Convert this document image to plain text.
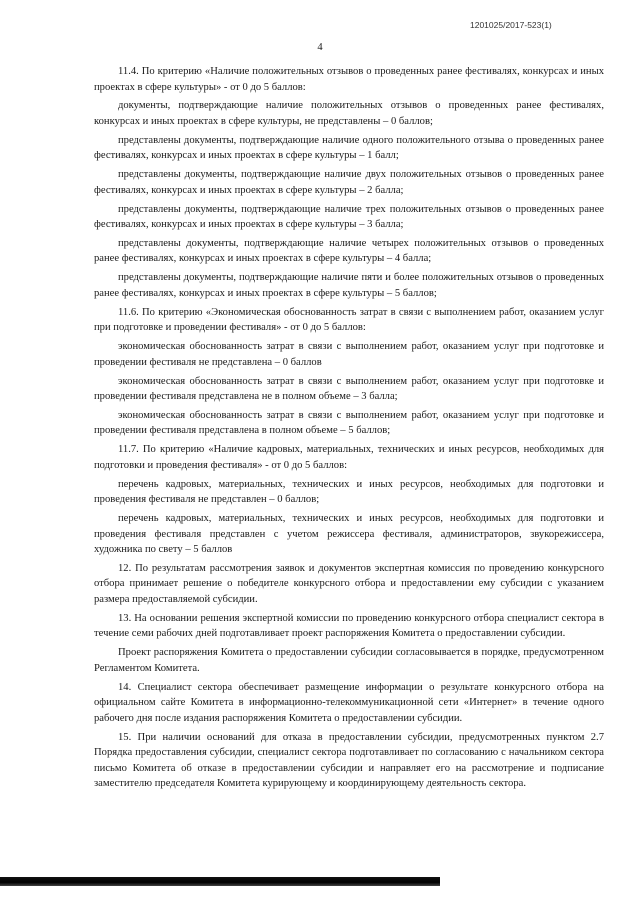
1201025/2017-523(1)
4

11.4. По критерию «Наличие положительных отзывов о проведенных ранее фестивалях, конкурсах и иных проектах в сфере культуры» - от 0 до 5 баллов:

документы, подтверждающие наличие положительных отзывов о проведенных ранее фестивалях, конкурсах и иных проектах в сфере культуры, не представлены – 0 баллов;

представлены документы, подтверждающие наличие одного положительного отзыва о проведенных ранее фестивалях, конкурсах и иных проектах в сфере культуры – 1 балл;

представлены документы, подтверждающие наличие двух положительных отзывов о проведенных ранее фестивалях, конкурсах и иных проектах в сфере культуры – 2 балла;

представлены документы, подтверждающие наличие трех положительных отзывов о проведенных ранее фестивалях, конкурсах и иных проектах в сфере культуры – 3 балла;

представлены документы, подтверждающие наличие четырех положительных отзывов о проведенных ранее фестивалях, конкурсах и иных проектах в сфере культуры – 4 балла;

представлены документы, подтверждающие наличие пяти и более положительных отзывов о проведенных ранее фестивалях, конкурсах и иных проектах в сфере культуры – 5 баллов;

11.6. По критерию «Экономическая обоснованность затрат в связи с выполнением работ, оказанием услуг при подготовке и проведении фестиваля» - от 0 до 5 баллов:

экономическая обоснованность затрат в связи с выполнением работ, оказанием услуг при подготовке и проведении фестиваля не представлена – 0 баллов

экономическая обоснованность затрат в связи с выполнением работ, оказанием услуг при подготовке и проведении фестиваля представлена не в полном объеме – 3 балла;

экономическая обоснованность затрат в связи с выполнением работ, оказанием услуг при подготовке и проведении фестиваля представлена в полном объеме – 5 баллов;

11.7. По критерию «Наличие кадровых, материальных, технических и иных ресурсов, необходимых для подготовки и проведения фестиваля» - от 0 до 5 баллов:

перечень кадровых, материальных, технических и иных ресурсов, необходимых для подготовки и проведения фестиваля не представлен – 0 баллов;

перечень кадровых, материальных, технических и иных ресурсов, необходимых для подготовки и проведения фестиваля представлен с учетом режиссера фестиваля, администраторов, звукорежиссера, художника по свету – 5 баллов

12. По результатам рассмотрения заявок и документов экспертная комиссия по проведению конкурсного отбора принимает решение о победителе конкурсного отбора и предоставлении ему субсидии с указанием размера предоставляемой субсидии.

13. На основании решения экспертной комиссии по проведению конкурсного отбора специалист сектора в течение семи рабочих дней подготавливает проект распоряжения Комитета о предоставлении субсидии.

Проект распоряжения Комитета о предоставлении субсидии согласовывается в порядке, предусмотренном Регламентом Комитета.

14. Специалист сектора обеспечивает размещение информации о результате конкурсного отбора на официальном сайте Комитета в информационно-телекоммуникационной сети «Интернет» в течение одного рабочего дня после издания распоряжения Комитета о предоставлении субсидии.

15. При наличии оснований для отказа в предоставлении субсидии, предусмотренных пунктом 2.7 Порядка предоставления субсидии, специалист сектора подготавливает по согласованию с начальником сектора письмо Комитета об отказе в предоставлении субсидии и направляет его на рассмотрение и подписание заместителю председателя Комитета курирующему и координирующему деятельность сектора.
